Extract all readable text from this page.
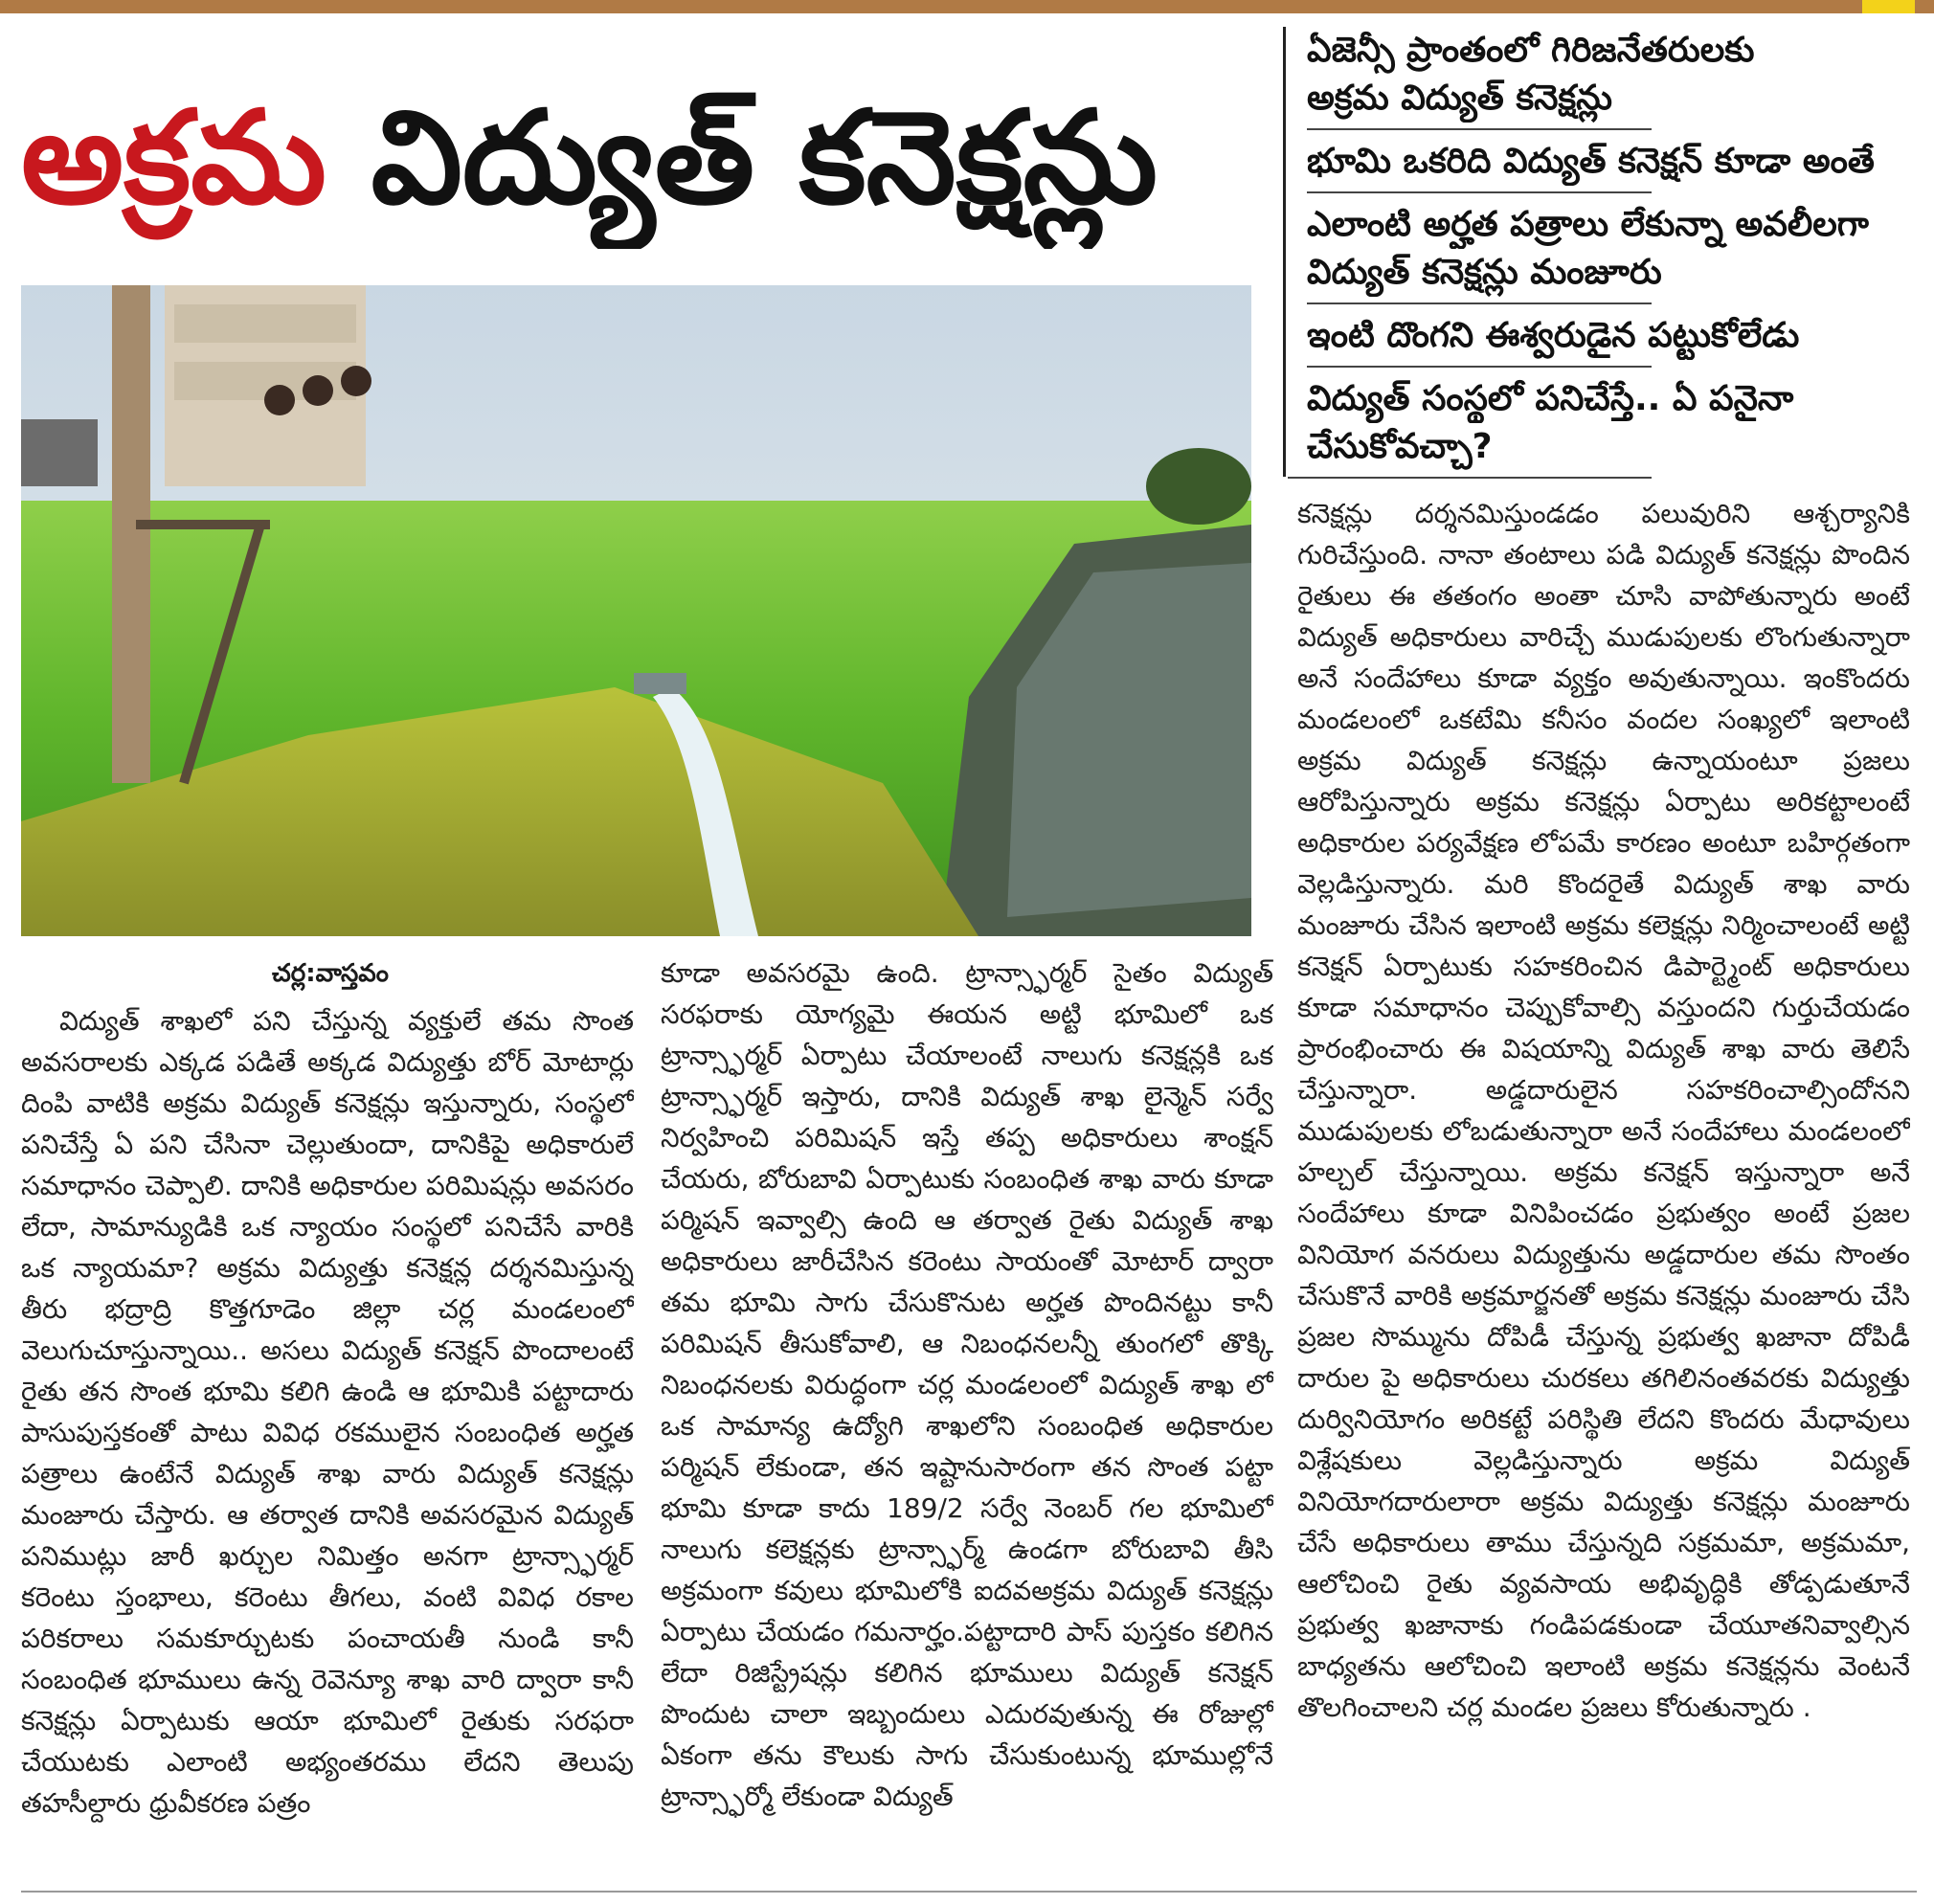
అక్రమ విద్యుత్ కనెక్షన్లు
ఏజెన్సీ ప్రాంతంలో గిరిజనేతరులకు
అక్రమ విద్యుత్ కనెక్షన్లు
భూమి ఒకరిది విద్యుత్ కనెక్షన్ కూడా అంతే
ఎలాంటి అర్హత పత్రాలు లేకున్నా అవలీలగా
విద్యుత్ కనెక్షన్లు మంజూరు
ఇంటి దొంగని ఈశ్వరుడైన పట్టుకోలేడు
విద్యుత్ సంస్థలో పనిచేస్తే.. ఏ పనైనా
చేసుకోవచ్చా?
చర్ల:వాస్తవం
విద్యుత్ శాఖలో పని చేస్తున్న వ్యక్తులే తమ సొంత అవసరాలకు ఎక్కడ పడితే అక్కడ విద్యుత్తు బోర్ మోటార్లు దింపి వాటికి అక్రమ విద్యుత్ కనెక్షన్లు ఇస్తున్నారు, సంస్థలో పనిచేస్తే ఏ పని చేసినా చెల్లుతుందా, దానికిపై అధికారులే సమాధానం చెప్పాలి. దానికి అధికారుల పరిమిషన్లు అవసరం లేదా, సామాన్యుడికి ఒక న్యాయం సంస్థలో పనిచేసే వారికి ఒక న్యాయమా? అక్రమ విద్యుత్తు కనెక్షన్ల దర్శనమిస్తున్న తీరు భద్రాద్రి కొత్తగూడెం జిల్లా చర్ల మండలంలో వెలుగుచూస్తున్నాయి.. అసలు విద్యుత్ కనెక్షన్ పొందాలంటే రైతు తన సొంత భూమి కలిగి ఉండి ఆ భూమికి పట్టాదారు పాసుపుస్తకంతో పాటు వివిధ రకములైన సంబంధిత అర్హత పత్రాలు ఉంటేనే విద్యుత్ శాఖ వారు విద్యుత్ కనెక్షన్లు మంజూరు చేస్తారు. ఆ తర్వాత దానికి అవసరమైన విద్యుత్ పనిముట్లు జారీ ఖర్చుల నిమిత్తం అనగా ట్రాన్స్ఫార్మర్ కరెంటు స్తంభాలు, కరెంటు తీగలు, వంటి వివిధ రకాల పరికరాలు సమకూర్చుటకు పంచాయతీ నుండి కానీ సంబంధిత భూములు ఉన్న రెవెన్యూ శాఖ వారి ద్వారా కానీ కనెక్షన్లు ఏర్పాటుకు ఆయా భూమిలో రైతుకు సరఫరా చేయుటకు ఎలాంటి అభ్యంతరము లేదని తెలుపు తహసీల్దారు ధ్రువీకరణ పత్రం
కూడా అవసరమై ఉంది. ట్రాన్స్ఫార్మర్ సైతం విద్యుత్ సరఫరాకు యోగ్యమై ఈయన అట్టి భూమిలో ఒక ట్రాన్స్ఫార్మర్ ఏర్పాటు చేయాలంటే నాలుగు కనెక్షన్లకి ఒక ట్రాన్స్ఫార్మర్ ఇస్తారు, దానికి విద్యుత్ శాఖ లైన్మెన్ సర్వే నిర్వహించి పరిమిషన్ ఇస్తే తప్ప అధికారులు శాంక్షన్ చేయరు, బోరుబావి ఏర్పాటుకు సంబంధిత శాఖ వారు కూడా పర్మిషన్ ఇవ్వాల్సి ఉంది ఆ తర్వాత రైతు విద్యుత్ శాఖ అధికారులు జారీచేసిన కరెంటు సాయంతో మోటార్ ద్వారా తమ భూమి సాగు చేసుకొనుట అర్హత పొందినట్టు కానీ పరిమిషన్ తీసుకోవాలి, ఆ నిబంధనలన్నీ తుంగలో తొక్కి నిబంధనలకు విరుద్ధంగా చర్ల మండలంలో విద్యుత్ శాఖ లో ఒక సామాన్య ఉద్యోగి శాఖలోని సంబంధిత అధికారుల పర్మిషన్ లేకుండా, తన ఇష్టానుసారంగా తన సొంత పట్టా భూమి కూడా కాదు 189/2 సర్వే నెంబర్ గల భూమిలో నాలుగు కలెక్షన్లకు ట్రాన్స్ఫార్మ్ ఉండగా బోరుబావి తీసి అక్రమంగా కవులు భూమిలోకి ఐదవఅక్రమ విద్యుత్ కనెక్షన్లు ఏర్పాటు చేయడం గమనార్హం.పట్టాదారి పాస్ పుస్తకం కలిగిన లేదా రిజిస్ట్రేషన్లు కలిగిన భూములు విద్యుత్ కనెక్షన్ పొందుట చాలా ఇబ్బందులు ఎదురవుతున్న ఈ రోజుల్లో ఏకంగా తను కౌలుకు సాగు చేసుకుంటున్న భూముల్లోనే ట్రాన్స్ఫార్మో లేకుండా విద్యుత్
కనెక్షన్లు దర్శనమిస్తుండడం పలువురిని ఆశ్చర్యానికి గురిచేస్తుంది. నానా తంటాలు పడి విద్యుత్ కనెక్షన్లు పొందిన రైతులు ఈ తతంగం అంతా చూసి వాపోతున్నారు అంటే విద్యుత్ అధికారులు వారిచ్చే ముడుపులకు లొంగుతున్నారా అనే సందేహాలు కూడా వ్యక్తం అవుతున్నాయి. ఇంకొందరు మండలంలో ఒకటేమి కనీసం వందల సంఖ్యలో ఇలాంటి అక్రమ విద్యుత్ కనెక్షన్లు ఉన్నాయంటూ ప్రజలు ఆరోపిస్తున్నారు అక్రమ కనెక్షన్లు ఏర్పాటు అరికట్టాలంటే అధికారుల పర్యవేక్షణ లోపమే కారణం అంటూ బహిర్గతంగా వెల్లడిస్తున్నారు. మరి కొందరైతే విద్యుత్ శాఖ వారు మంజూరు చేసిన ఇలాంటి అక్రమ కలెక్షన్లు నిర్మించాలంటే అట్టి కనెక్షన్ ఏర్పాటుకు సహకరించిన డిపార్ట్మెంట్ అధికారులు కూడా సమాధానం చెప్పుకోవాల్సి వస్తుందని గుర్తుచేయడం ప్రారంభించారు ఈ విషయాన్ని విద్యుత్ శాఖ వారు తెలిసే చేస్తున్నారా. అడ్డదారులైన సహకరించాల్సిందోనని ముడుపులకు లోబడుతున్నారా అనే సందేహాలు మండలంలో హల్చల్ చేస్తున్నాయి. అక్రమ కనెక్షన్ ఇస్తున్నారా అనే సందేహాలు కూడా వినిపించడం ప్రభుత్వం అంటే ప్రజల వినియోగ వనరులు విద్యుత్తును అడ్డదారుల తమ సొంతం చేసుకొనే వారికి అక్రమార్జనతో అక్రమ కనెక్షన్లు మంజూరు చేసి ప్రజల సొమ్మును దోపిడీ చేస్తున్న ప్రభుత్వ ఖజానా దోపిడీ దారుల పై అధికారులు చురకలు తగిలినంతవరకు విద్యుత్తు దుర్వినియోగం అరికట్టే పరిస్థితి లేదని కొందరు మేధావులు విశ్లేషకులు వెల్లడిస్తున్నారు అక్రమ విద్యుత్ వినియోగదారులారా అక్రమ విద్యుత్తు కనెక్షన్లు మంజూరు చేసే అధికారులు తాము చేస్తున్నది సక్రమమా, అక్రమమా, ఆలోచించి రైతు వ్యవసాయ అభివృద్ధికి తోడ్పడుతూనే ప్రభుత్వ ఖజానాకు గండిపడకుండా చేయూతనివ్వాల్సిన బాధ్యతను ఆలోచించి ఇలాంటి అక్రమ కనెక్షన్లను వెంటనే తొలగించాలని చర్ల మండల ప్రజలు కోరుతున్నారు .
